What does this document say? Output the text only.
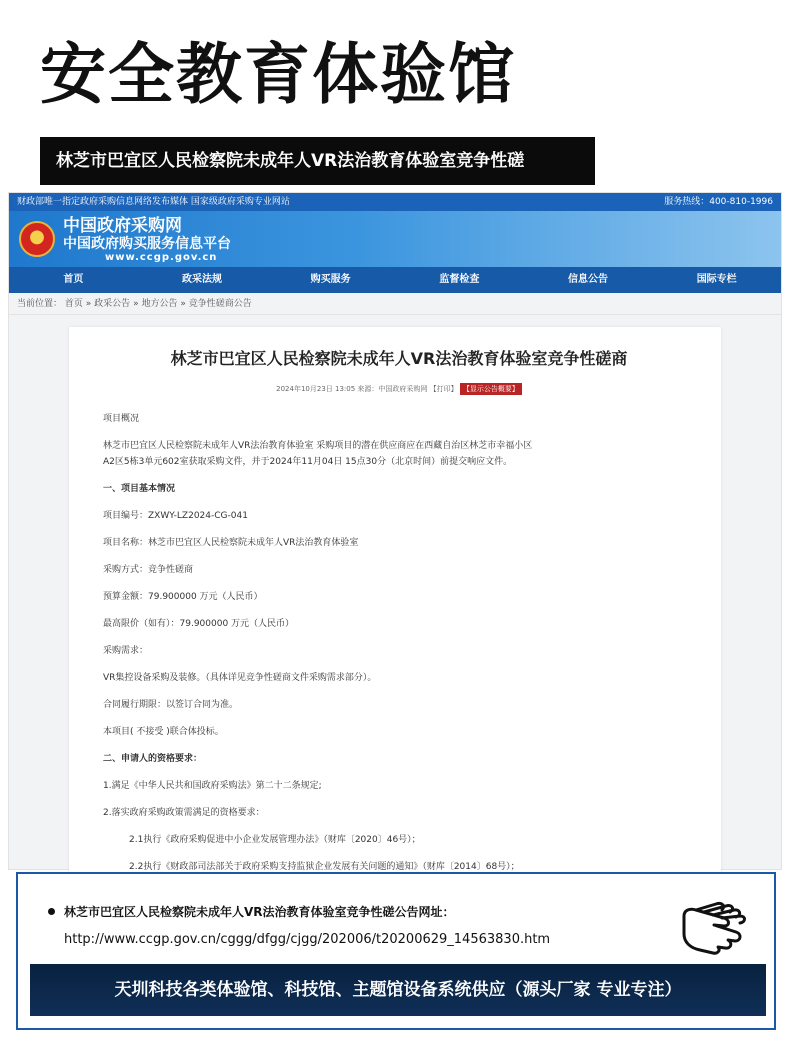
安全教育体验馆
林芝市巴宜区人民检察院未成年人VR法治教育体验室竞争性磋
财政部唯一指定政府采购信息网络发布媒体 国家级政府采购专业网站	服务热线：400-810-1996
中国政府采购网
中国政府购买服务信息平台
www.ccgp.gov.cn
首页	政采法规	购买服务	监督检查	信息公告	国际专栏
当前位置： 首页 » 政采公告 » 地方公告 » 竞争性磋商公告
林芝市巴宜区人民检察院未成年人VR法治教育体验室竞争性磋商
2024年10月23日 13:05 来源：中国政府采购网 【打印】 【显示公告概要】
项目概况
林芝市巴宜区人民检察院未成年人VR法治教育体验室 采购项目的潜在供应商应在西藏自治区林芝市幸福小区
A2区5栋3单元602室获取采购文件，并于2024年11月04日 15点30分（北京时间）前提交响应文件。
一、项目基本情况
项目编号：ZXWY-LZ2024-CG-041
项目名称：林芝市巴宜区人民检察院未成年人VR法治教育体验室
采购方式：竞争性磋商
预算金额：79.900000 万元（人民币）
最高限价（如有）：79.900000 万元（人民币）
采购需求：
VR集控设备采购及装修。（具体详见竞争性磋商文件采购需求部分）。
合同履行期限：以签订合同为准。
本项目( 不接受 )联合体投标。
二、申请人的资格要求：
1.满足《中华人民共和国政府采购法》第二十二条规定;
2.落实政府采购政策需满足的资格要求：
2.1执行《政府采购促进中小企业发展管理办法》（财库〔2020〕46号）；
2.2执行《财政部司法部关于政府采购支持监狱企业发展有关问题的通知》（财库〔2014〕68号）；
林芝市巴宜区人民检察院未成年人VR法治教育体验室竞争性磋公告网址：
http://www.ccgp.gov.cn/cggg/dfgg/cjgg/202006/t20200629_14563830.htm
天圳科技各类体验馆、科技馆、主题馆设备系统供应（源头厂家 专业专注）
